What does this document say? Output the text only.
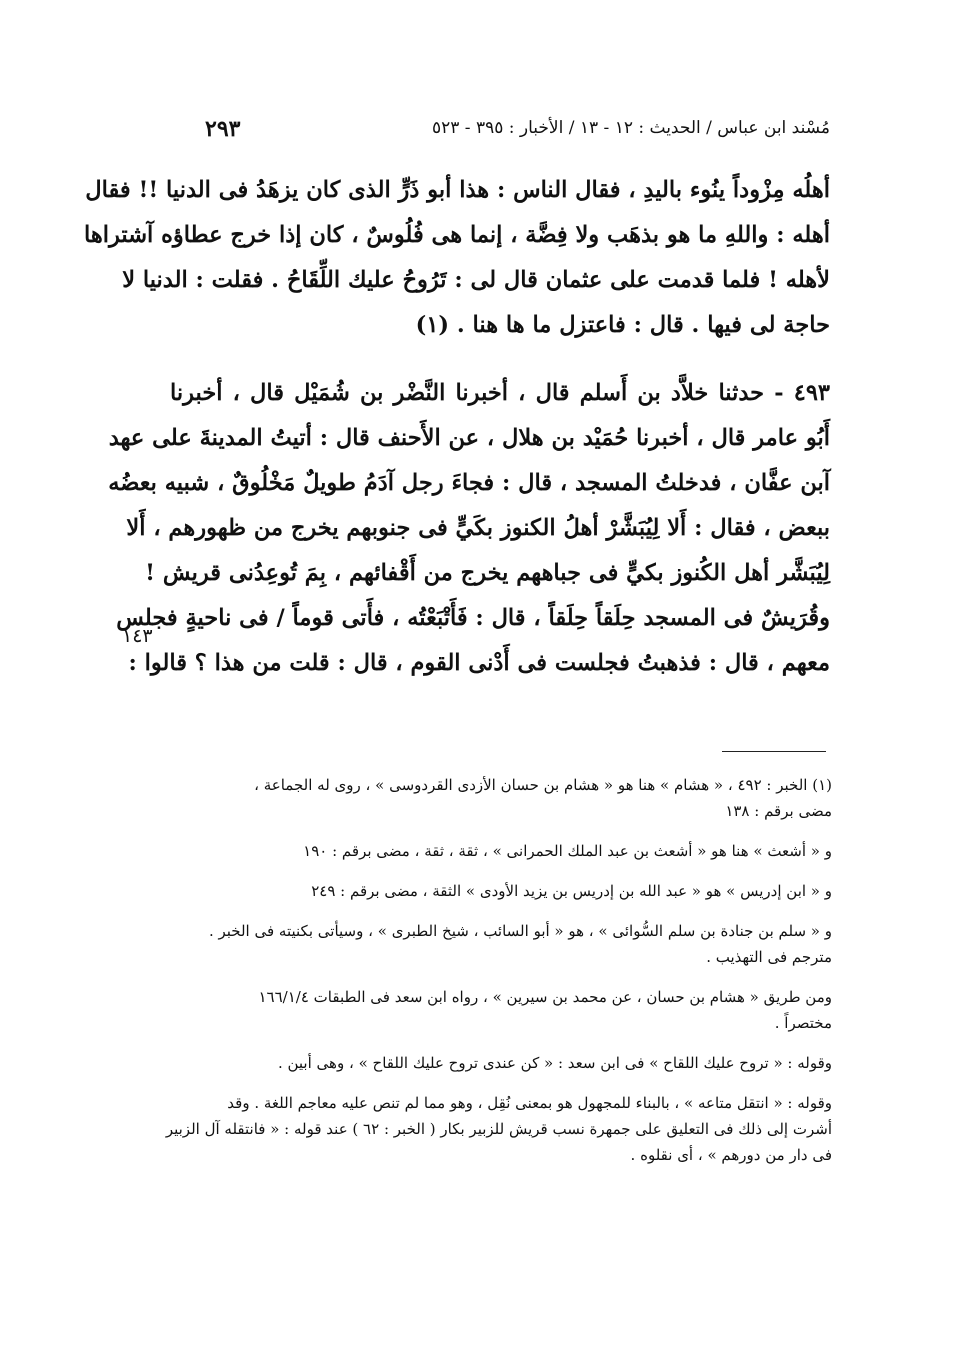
٢٩٣	مُسْند ابن عباس / الحديث : ١٢ - ١٣ / الأخبار : ٣٩٥ - ٥٢٣
أهلُه مِزْوداً ينُوء باليدِ ، فقال الناس : هذا أبو ذَرٍّ الذى كان يزهَدُ فى الدنيا !! فقال
أهله : واللهِ ما هو بذهَب ولا فِضَّة ، إنما هى فُلُوسٌ ، كان إذا خرج عطاؤه آشتراها
لأهله ! فلما قدمت على عثمان قال لى : تَرُوحُ عليك اللِّقَاحُ . فقلت : الدنيا لا
حاجة لى فيها . قال : فاعتزل ما ها هنا . (١)
٤٩٣ - حدثنا خلاَّد بن أَسلم قال ، أخبرنا النَّضْر بن شُمَيْل قال ، أخبرنا
أَبُو عامر قال ، أخبرنا حُمَيْد بن هلال ، عن الأَحنف قال : أتيتُ المدينةَ على عهد
آبن عفَّان ، فدخلتُ المسجد ، قال : فجاءَ رجل آدَمُ طويلٌ مَخْلُوقٌ ، شبيه بعضُه
ببعض ، فقال : أَلا لِيُبَشَّرْ أهلُ الكنوز بكَيٍّ فى جنوبهم يخرج من ظهورهم ، أَلا
لِيُبَشَّر أهل الكُنوز بكيٍّ فى جباههم يخرج من أَقْفائهم ، بِمَ تُوعِدُنى قريش !
وقُرَيشٌ فى المسجد حِلَقاً حِلَقاً ، قال : فَأَتْبَعْتُه ، فأَتى قوماً / فى ناحيةٍ فجلس
معهم ، قال : فذهبتُ فجلست فى أَدْنى القوم ، قال : قلت من هذا ؟ قالوا :
١٤٣
(١) الخبر : ٤٩٢ ، « هشام » هنا هو « هشام بن حسان الأزدى القردوسى » ، روى له الجماعة ،
مضى برقم : ١٣٨
و « أشعث » هنا هو « أشعث بن عبد الملك الحمرانى » ، ثقة ، ثقة ، مضى برقم : ١٩٠
و « ابن إدريس » هو « عبد الله بن إدريس بن يزيد الأودى » الثقة ، مضى برقم : ٢٤٩
و « سلم بن جنادة بن سلم السُّوائى » ، هو « أبو السائب ، شيخ الطبرى » ، وسيأتى بكنيته فى الخبر .
مترجم فى التهذيب .
ومن طريق « هشام بن حسان ، عن محمد بن سيرين » ، رواه ابن سعد فى الطبقات ١٦٦/١/٤
مختصراً .
وقوله : « تروح عليك اللقاح » فى ابن سعد : « كن عندى تروح عليك اللقاح » ، وهى أبين .
وقوله : « انتقل متاعه » ، بالبناء للمجهول هو بمعنى نُقِل ، وهو مما لم تنص عليه معاجم اللغة . وقد
أشرت إلى ذلك فى التعليق على جمهرة نسب قريش للزبير بكار ( الخبر : ٦٢ ) عند قوله : « فانتقله آل الزبير
فى دار من دورهم » ، أى نقلوه .
